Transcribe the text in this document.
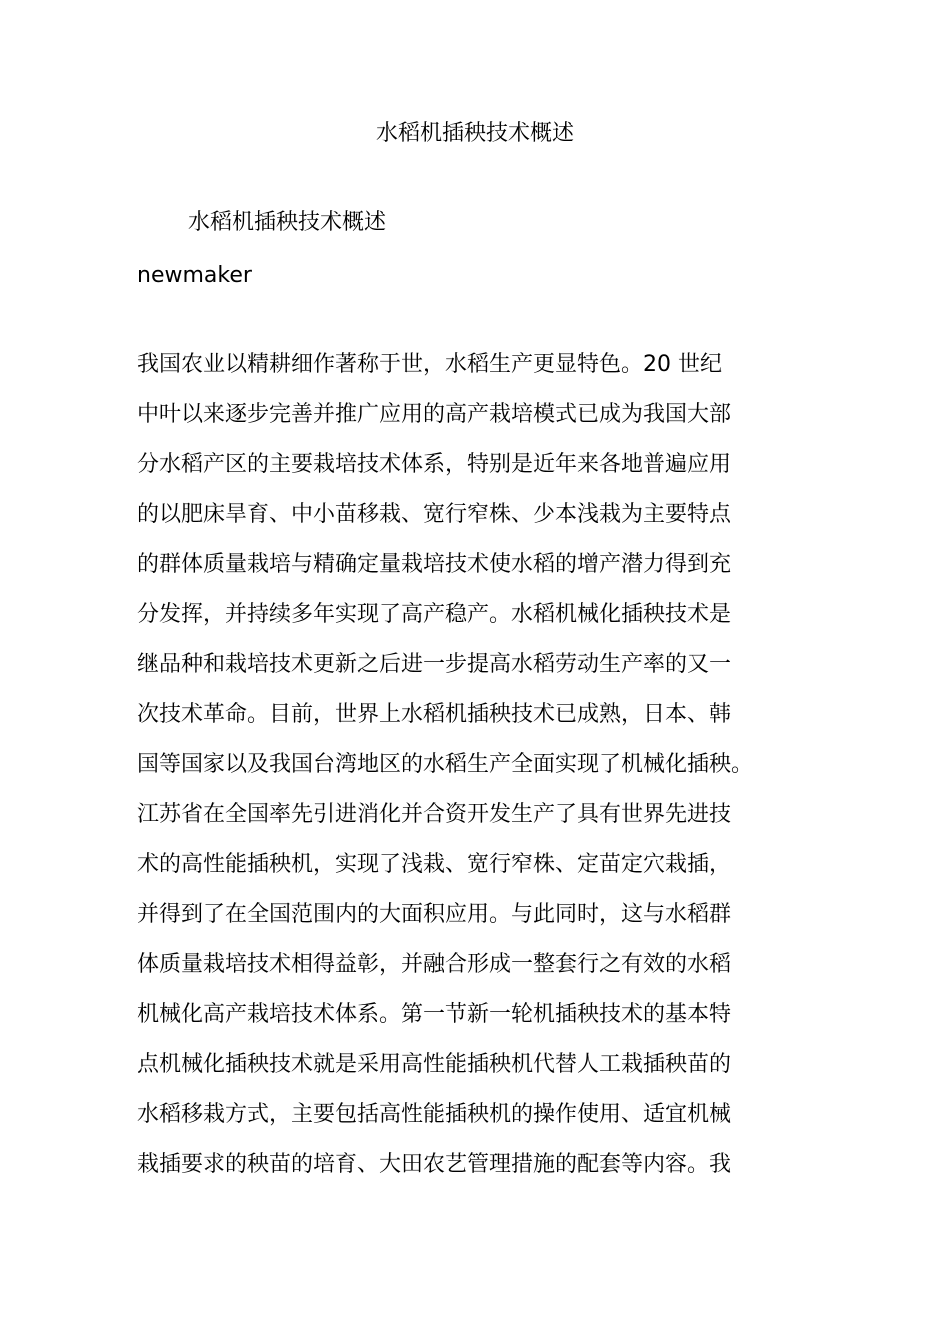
水稻机插秧技术概述

水稻机插秧技术概述

newmaker

我国农业以精耕细作著称于世，水稻生产更显特色。20 世纪
中叶以来逐步完善并推广应用的高产栽培模式已成为我国大部
分水稻产区的主要栽培技术体系，特别是近年来各地普遍应用
的以肥床旱育、中小苗移栽、宽行窄株、少本浅栽为主要特点
的群体质量栽培与精确定量栽培技术使水稻的增产潜力得到充
分发挥，并持续多年实现了高产稳产。水稻机械化插秧技术是
继品种和栽培技术更新之后进一步提高水稻劳动生产率的又一
次技术革命。目前，世界上水稻机插秧技术已成熟，日本、韩
国等国家以及我国台湾地区的水稻生产全面实现了机械化插秧。
江苏省在全国率先引进消化并合资开发生产了具有世界先进技
术的高性能插秧机，实现了浅栽、宽行窄株、定苗定穴栽插，
并得到了在全国范围内的大面积应用。与此同时，这与水稻群
体质量栽培技术相得益彰，并融合形成一整套行之有效的水稻
机械化高产栽培技术体系。第一节新一轮机插秧技术的基本特
点机械化插秧技术就是采用高性能插秧机代替人工栽插秧苗的
水稻移栽方式，主要包括高性能插秧机的操作使用、适宜机械
栽插要求的秧苗的培育、大田农艺管理措施的配套等内容。我
